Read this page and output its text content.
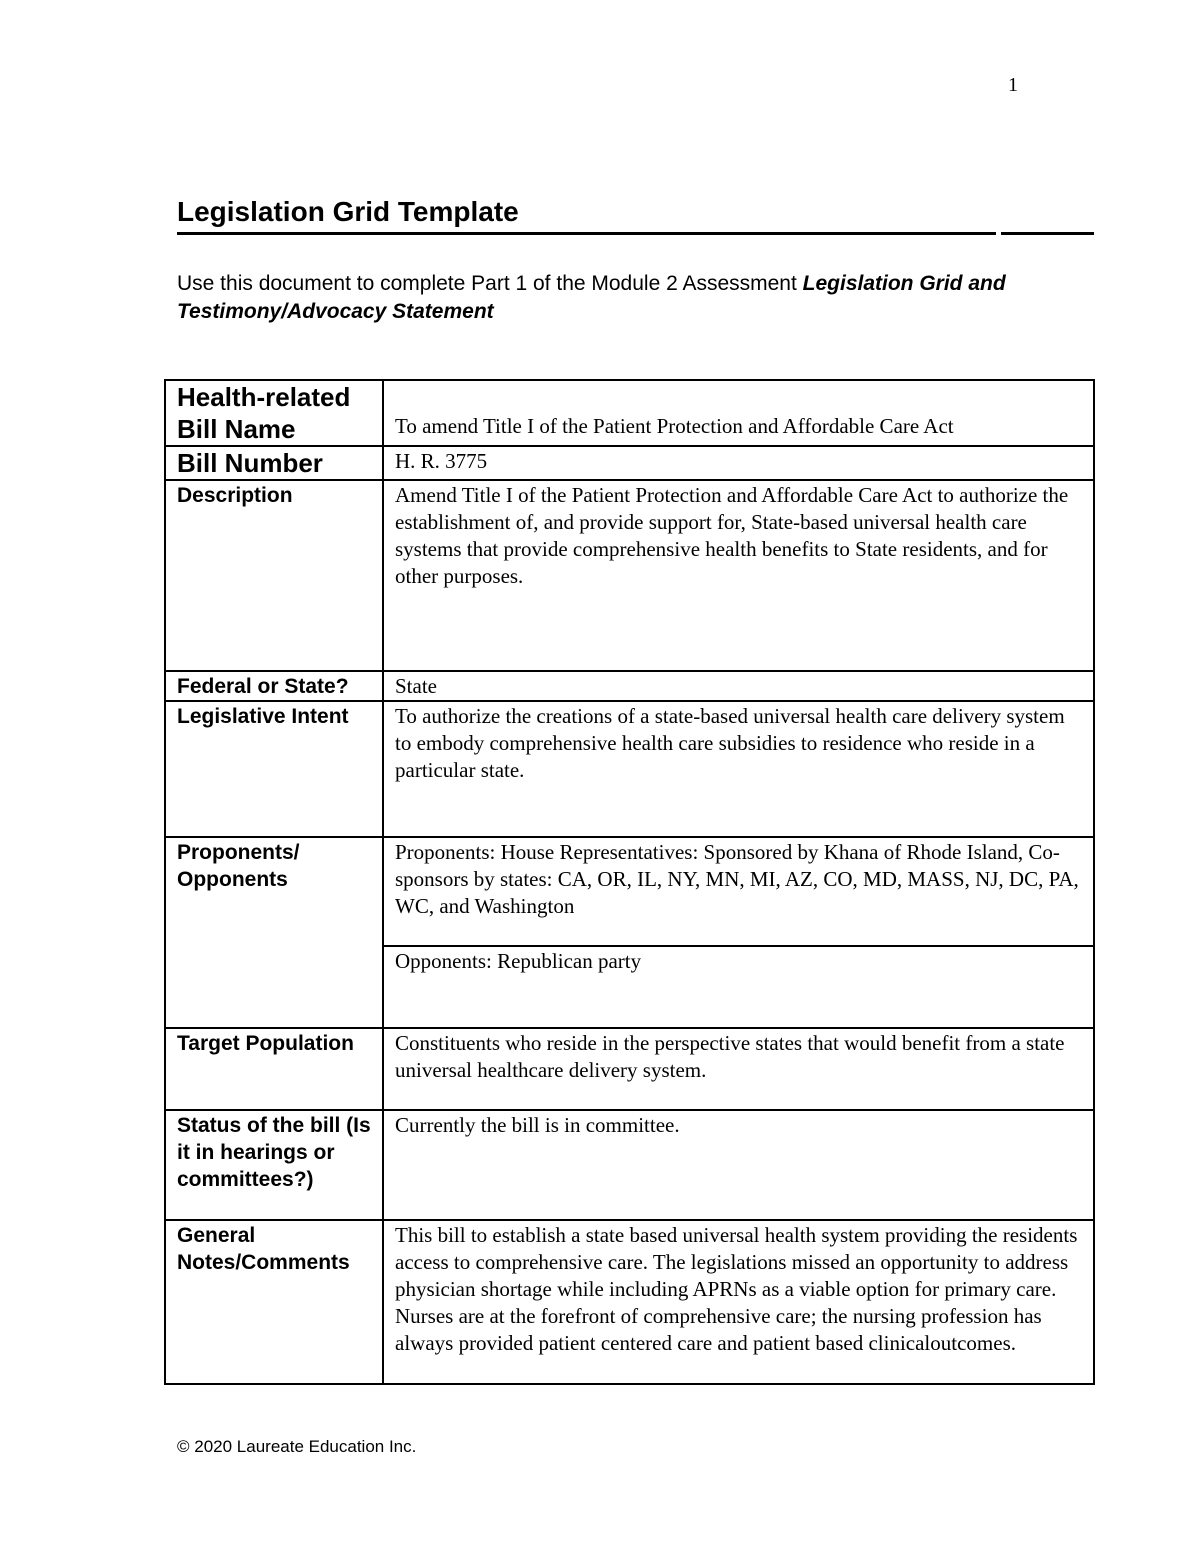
1
Legislation Grid Template

Use this document to complete Part 1 of the Module 2 Assessment Legislation Grid and Testimony/Advocacy Statement

Health-related Bill Name	To amend Title I of the Patient Protection and Affordable Care Act
Bill Number	H. R. 3775
Description	Amend Title I of the Patient Protection and Affordable Care Act to authorize the establishment of, and provide support for, State-based universal health care systems that provide comprehensive health benefits to State residents, and for other purposes.
Federal or State?	State
Legislative Intent	To authorize the creations of a state-based universal health care delivery system to embody comprehensive health care subsidies to residence who reside in a particular state.
Proponents/ Opponents	Proponents: House Representatives: Sponsored by Khana of Rhode Island, Co-sponsors by states: CA, OR, IL, NY, MN, MI, AZ, CO, MD, MASS, NJ, DC, PA, WC, and Washington
	Opponents: Republican party
Target Population	Constituents who reside in the perspective states that would benefit from a state universal healthcare delivery system.
Status of the bill (Is it in hearings or committees?)	Currently the bill is in committee.
General Notes/Comments	This bill to establish a state based universal health system providing the residents access to comprehensive care. The legislations missed an opportunity to address physician shortage while including APRNs as a viable option for primary care. Nurses are at the forefront of comprehensive care; the nursing profession has always provided patient centered care and patient based clinicaloutcomes.
© 2020 Laureate Education Inc.
